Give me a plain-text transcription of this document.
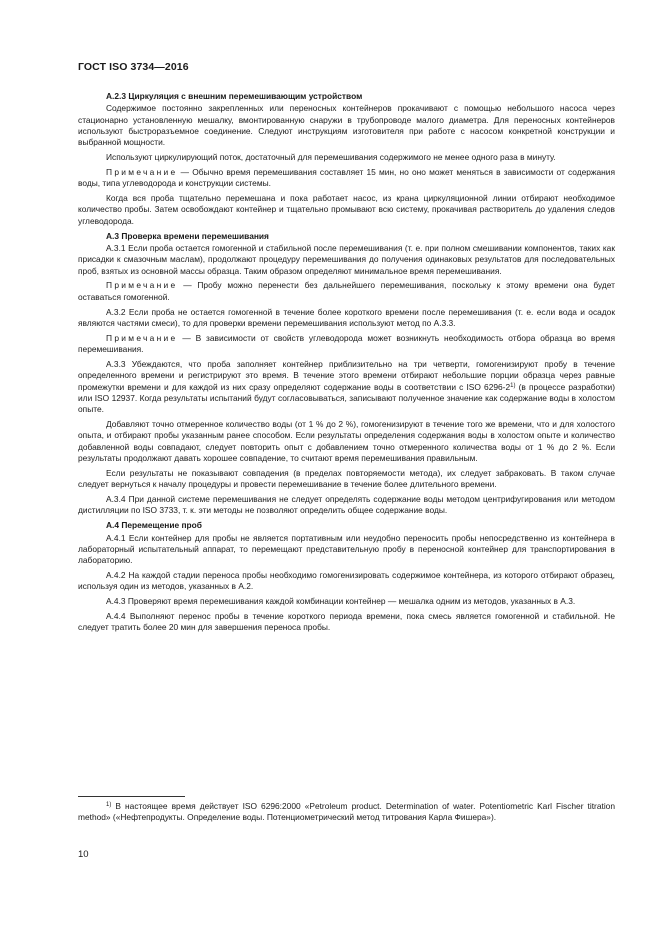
ГОСТ ISO 3734—2016
А.2.3 Циркуляция с внешним перемешивающим устройством

Содержимое постоянно закрепленных или переносных контейнеров прокачивают с помощью небольшого насоса через стационарно установленную мешалку, вмонтированную снаружи в трубопроводе малого диаметра. Для переносных контейнеров используют быстроразъемное соединение. Следуют инструкциям изготовителя при работе с насосом конкретной конструкции и выбранной мощности.

Используют циркулирующий поток, достаточный для перемешивания содержимого не менее одного раза в минуту.

Примечание — Обычно время перемешивания составляет 15 мин, но оно может меняться в зависимости от содержания воды, типа углеводорода и конструкции системы.

Когда вся проба тщательно перемешана и пока работает насос, из крана циркуляционной линии отбирают необходимое количество пробы. Затем освобождают контейнер и тщательно промывают всю систему, прокачивая растворитель до удаления следов углеводорода.

А.3 Проверка времени перемешивания

А.3.1 Если проба остается гомогенной и стабильной после перемешивания (т. е. при полном смешивании компонентов, таких как присадки к смазочным маслам), продолжают процедуру перемешивания до получения одинаковых результатов для последовательных проб, взятых из основной массы образца. Таким образом определяют минимальное время перемешивания.

Примечание — Пробу можно перенести без дальнейшего перемешивания, поскольку к этому времени она будет оставаться гомогенной.

А.3.2 Если проба не остается гомогенной в течение более короткого времени после перемешивания (т. е. если вода и осадок являются частями смеси), то для проверки времени перемешивания используют метод по А.3.3.

Примечание — В зависимости от свойств углеводорода может возникнуть необходимость отбора образца во время перемешивания.

А.3.3 Убеждаются, что проба заполняет контейнер приблизительно на три четверти, гомогенизируют пробу в течение определенного времени и регистрируют это время. В течение этого времени отбирают небольшие порции образца через равные промежутки времени и для каждой из них сразу определяют содержание воды в соответствии с ISO 6296-2$^{1)}$ (в процессе разработки) или ISO 12937. Когда результаты испытаний будут согласовываться, записывают полученное значение как содержание воды в холостом опыте.

Добавляют точно отмеренное количество воды (от 1 % до 2 %), гомогенизируют в течение того же времени, что и для холостого опыта, и отбирают пробы указанным ранее способом. Если результаты определения содержания воды в холостом опыте и количество добавленной воды совпадают, следует повторить опыт с добавлением точно отмеренного количества воды от 1 % до 2 %. Если результаты продолжают давать хорошее совпадение, то считают время перемешивания правильным.

Если результаты не показывают совпадения (в пределах повторяемости метода), их следует забраковать. В таком случае следует вернуться к началу процедуры и провести перемешивание в течение более длительного времени.

А.3.4 При данной системе перемешивания не следует определять содержание воды методом центрифугирования или методом дистилляции по ISO 3733, т. к. эти методы не позволяют определить общее содержание воды.

А.4 Перемещение проб

А.4.1 Если контейнер для пробы не является портативным или неудобно переносить пробы непосредственно из контейнера в лабораторный испытательный аппарат, то перемещают представительную пробу в переносной контейнер для транспортирования в лабораторию.

А.4.2 На каждой стадии переноса пробы необходимо гомогенизировать содержимое контейнера, из которого отбирают образец, используя один из методов, указанных в А.2.

А.4.3 Проверяют время перемешивания каждой комбинации контейнер — мешалка одним из методов, указанных в А.3.

А.4.4 Выполняют перенос пробы в течение короткого периода времени, пока смесь является гомогенной и стабильной. Не следует тратить более 20 мин для завершения переноса пробы.

$^{1)}$ В настоящее время действует ISO 6296:2000 «Petroleum product. Determination of water. Potentiometric Karl Fischer titration method» («Нефтепродукты. Определение воды. Потенциометрический метод титрования Карла Фишера»).
10
